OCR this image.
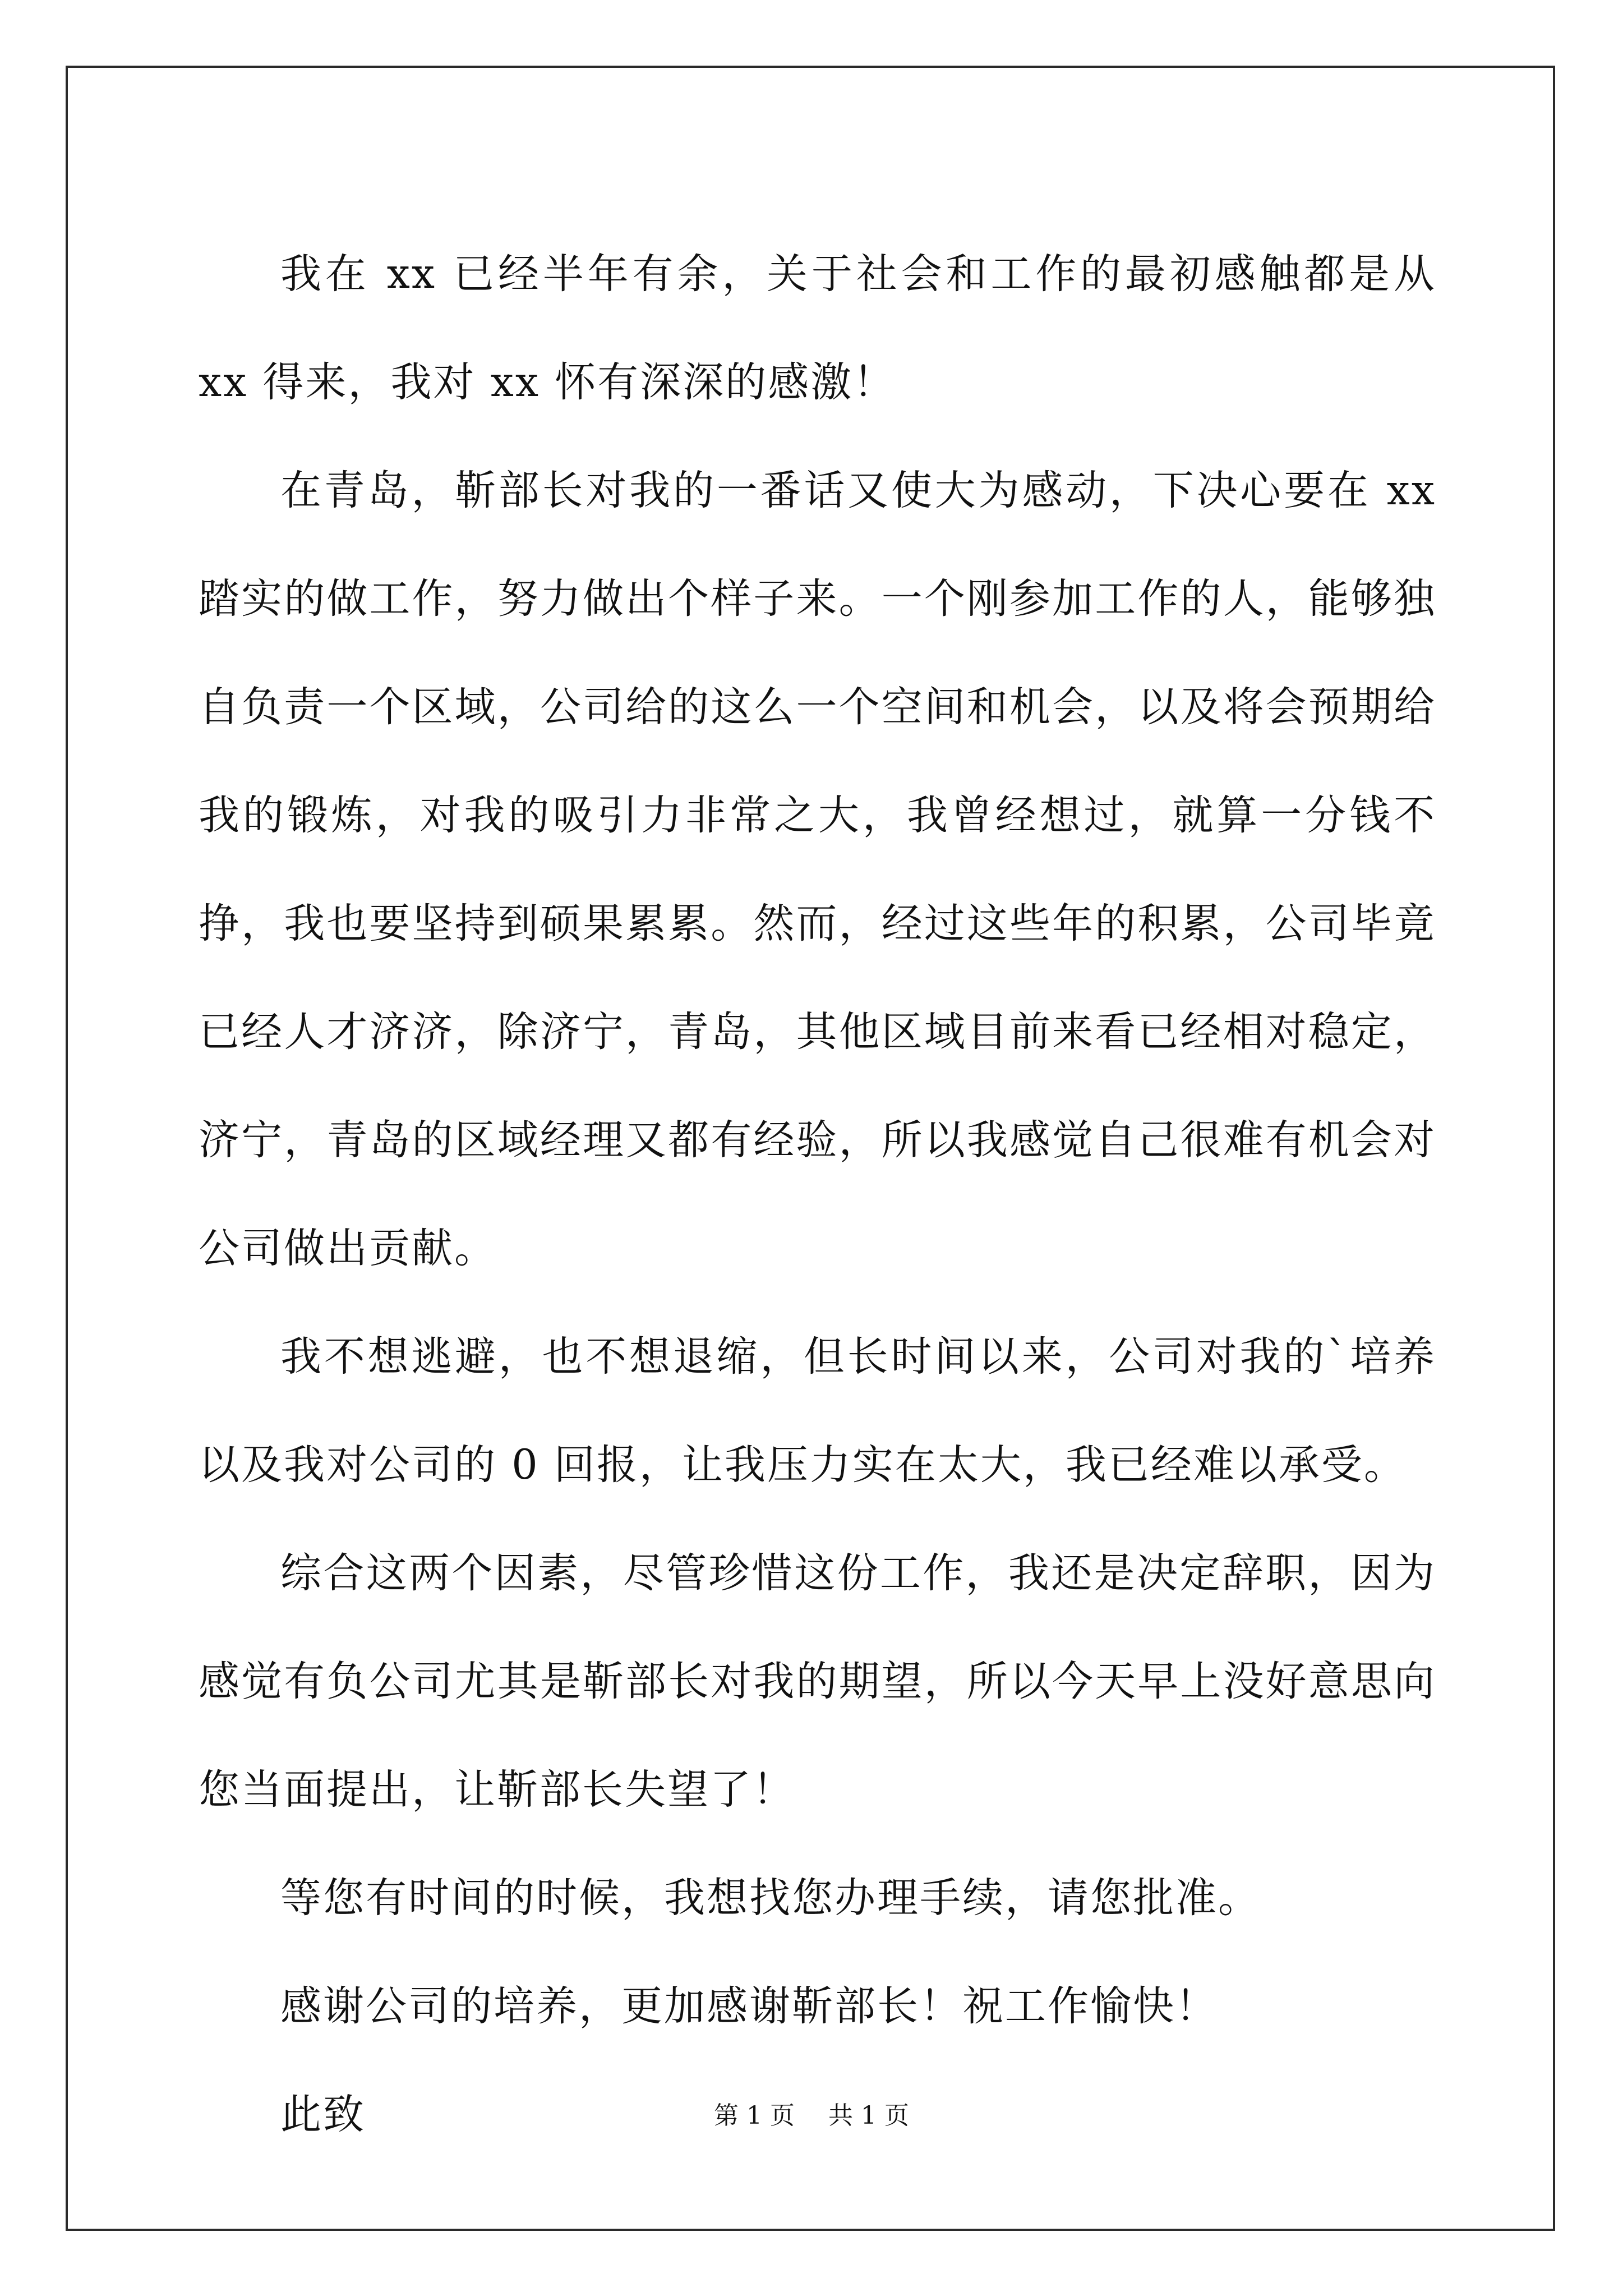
我在 xx 已经半年有余，关于社会和工作的最初感触都是从 xx 得来，我对 xx 怀有深深的感激！

在青岛，靳部长对我的一番话又使大为感动，下决心要在 xx 踏实的做工作，努力做出个样子来。一个刚参加工作的人，能够独自负责一个区域，公司给的这么一个空间和机会，以及将会预期给我的锻炼，对我的吸引力非常之大，我曾经想过，就算一分钱不挣，我也要坚持到硕果累累。然而，经过这些年的积累，公司毕竟已经人才济济，除济宁，青岛，其他区域目前来看已经相对稳定，济宁，青岛的区域经理又都有经验，所以我感觉自己很难有机会对公司做出贡献。

我不想逃避，也不想退缩，但长时间以来，公司对我的`培养以及我对公司的 0 回报，让我压力实在太大，我已经难以承受。

综合这两个因素，尽管珍惜这份工作，我还是决定辞职，因为感觉有负公司尤其是靳部长对我的期望，所以今天早上没好意思向您当面提出，让靳部长失望了！

等您有时间的时候，我想找您办理手续，请您批准。

感谢公司的培养，更加感谢靳部长！祝工作愉快！

此致	第 1 页 共 1 页
